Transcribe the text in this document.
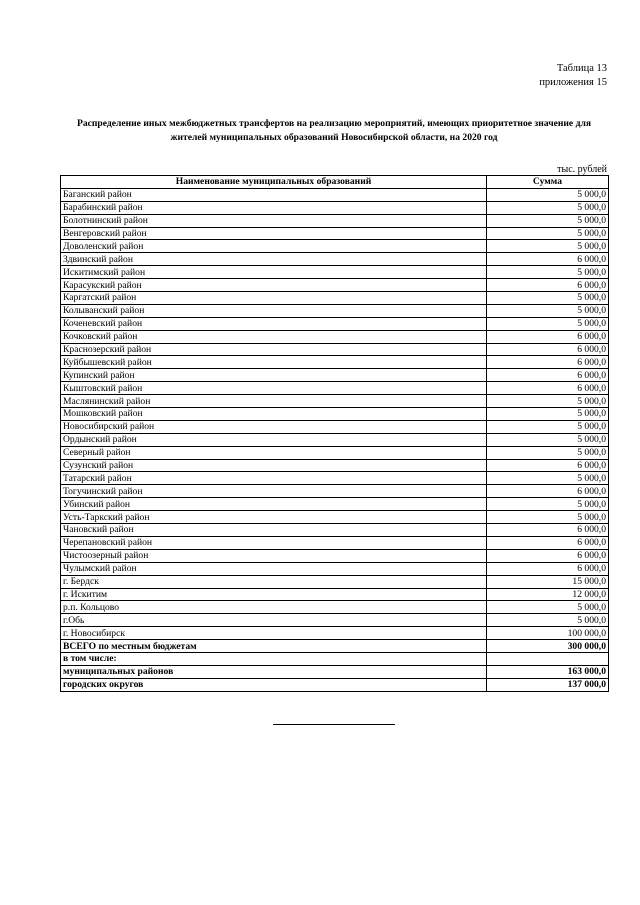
Таблица 13
приложения 15
Распределение иных межбюджетных трансфертов на реализацию мероприятий, имеющих приоритетное значение для жителей муниципальных образований Новосибирской области, на 2020 год
тыс. рублей
Наименование муниципальных образований	Сумма
Баганский район	5 000,0
Барабинский район	5 000,0
Болотнинский район	5 000,0
Венгеровский район	5 000,0
Доволенский район	5 000,0
Здвинский район	6 000,0
Искитимский район	5 000,0
Карасукский район	6 000,0
Каргатский район	5 000,0
Колыванский район	5 000,0
Коченевский район	5 000,0
Кочковский район	6 000,0
Краснозерский район	6 000,0
Куйбышевский район	6 000,0
Купинский район	6 000,0
Кыштовский район	6 000,0
Маслянинский район	5 000,0
Мошковский район	5 000,0
Новосибирский район	5 000,0
Ордынский район	5 000,0
Северный район	5 000,0
Сузунский район	6 000,0
Татарский район	5 000,0
Тогучинский район	6 000,0
Убинский район	5 000,0
Усть-Таркский район	5 000,0
Чановский район	6 000,0
Черепановский район	6 000,0
Чистоозерный район	6 000,0
Чулымский район	6 000,0
г. Бердск	15 000,0
г. Искитим	12 000,0
р.п. Кольцово	5 000,0
г.Обь	5 000,0
г. Новосибирск	100 000,0
ВСЕГО по местным бюджетам	300 000,0
в том числе:	
муниципальных районов	163 000,0
городских округов	137 000,0
